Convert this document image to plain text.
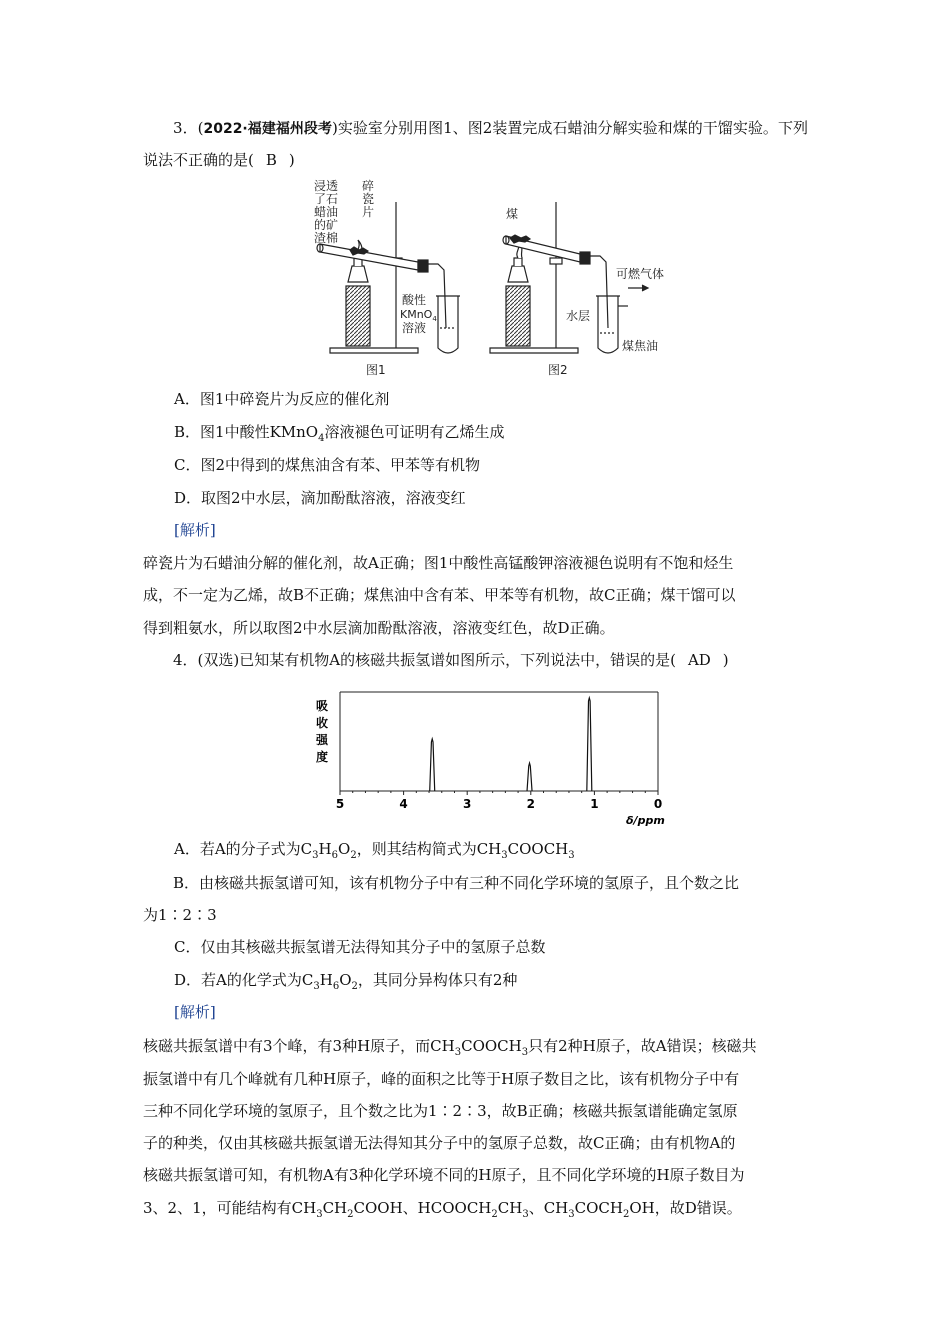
3．(2022·福建福州段考)实验室分别用图1、图2装置完成石蜡油分解实验和煤的干馏实验。下列说法不正确的是( B )

浸透
了石
蜡油
的矿
渣棉
碎
瓷
片
酸性
KMnO$_4$
溶液
图1
煤
可燃气体
水层
煤焦油
图2

A．图1中碎瓷片为反应的催化剂

B．图1中酸性KMnO$_4$溶液褪色可证明有乙烯生成

C．图2中得到的煤焦油含有苯、甲苯等有机物

D．取图2中水层，滴加酚酞溶液，溶液变红

[解析]

碎瓷片为石蜡油分解的催化剂，故A正确；图1中酸性高锰酸钾溶液褪色说明有不饱和烃生

成，不一定为乙烯，故B不正确；煤焦油中含有苯、甲苯等有机物，故C正确；煤干馏可以

得到粗氨水，所以取图2中水层滴加酚酞溶液，溶液变红色，故D正确。

4．(双选)已知某有机物A的核磁共振氢谱如图所示，下列说法中，错误的是( AD )

吸
收
强
度
δ/ppm
5	4	3	2	1	0

A．若A的分子式为$C_3H_6O_2$，则其结构简式为$CH_3COOCH_3$

B．由核磁共振氢谱可知，该有机物分子中有三种不同化学环境的氢原子，且个数之比

为1∶2∶3

C．仅由其核磁共振氢谱无法得知其分子中的氢原子总数

D．若A的化学式为$C_3H_6O_2$，其同分异构体只有2种

[解析]

核磁共振氢谱中有3个峰，有3种H原子，而$CH_3COOCH_3$只有2种H原子，故A错误；核磁共

振氢谱中有几个峰就有几种H原子，峰的面积之比等于H原子数目之比，该有机物分子中有

三种不同化学环境的氢原子，且个数之比为1∶2∶3，故B正确；核磁共振氢谱能确定氢原

子的种类，仅由其核磁共振氢谱无法得知其分子中的氢原子总数，故C正确；由有机物A的

核磁共振氢谱可知，有机物A有3种化学环境不同的H原子，且不同化学环境的H原子数目为

3、2、1，可能结构有$CH_3CH_2COOH$、$HCOOCH_2CH_3$、$CH_3COCH_2OH$，故D错误。
